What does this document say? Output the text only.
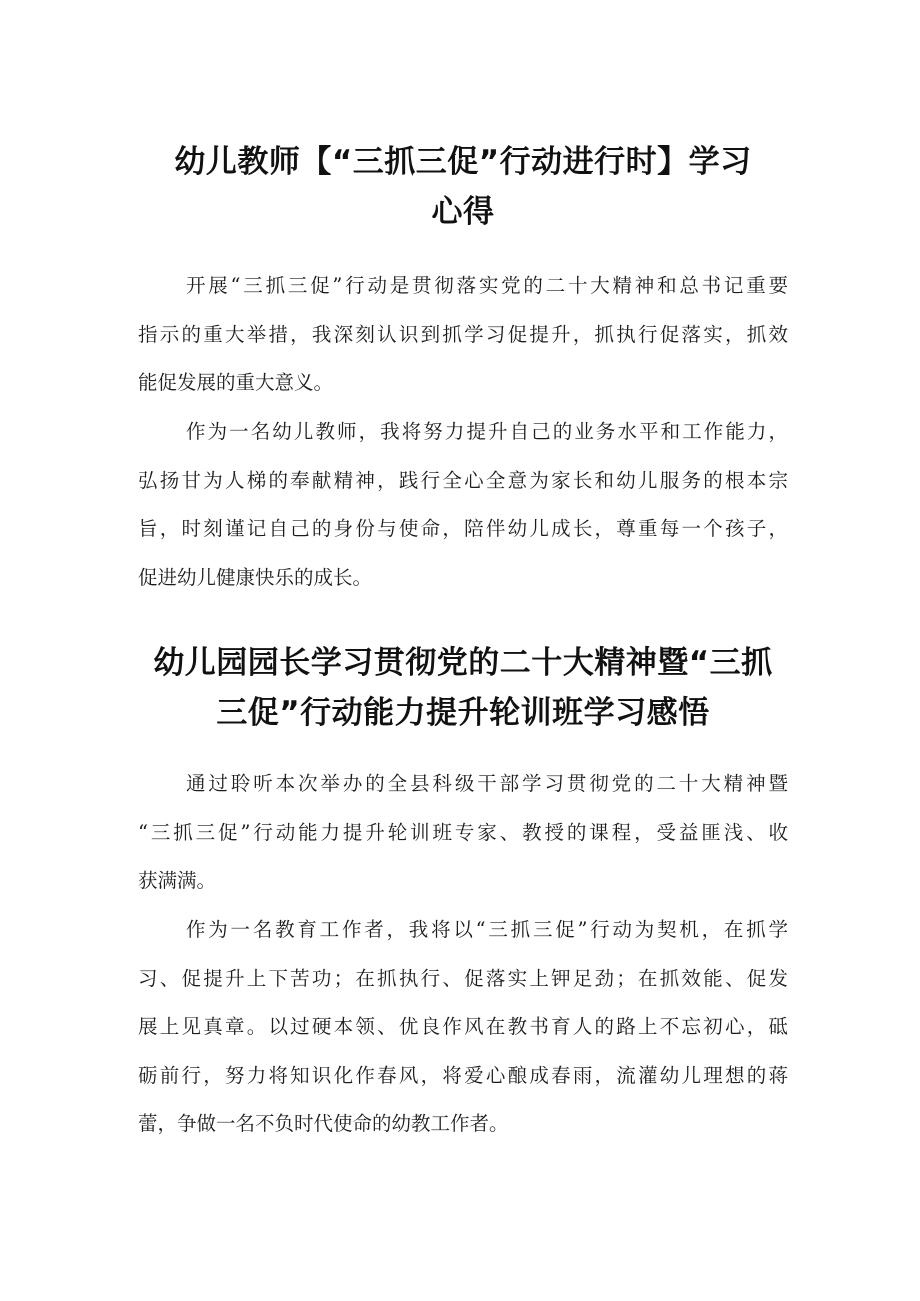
幼儿教师【“三抓三促”行动进行时】学习
心得
开展“三抓三促”行动是贯彻落实党的二十大精神和总书记重要
指示的重大举措，我深刻认识到抓学习促提升，抓执行促落实，抓效
能促发展的重大意义。
作为一名幼儿教师，我将努力提升自己的业务水平和工作能力，
弘扬甘为人梯的奉献精神，践行全心全意为家长和幼儿服务的根本宗
旨，时刻谨记自己的身份与使命，陪伴幼儿成长，尊重每一个孩子，
促进幼儿健康快乐的成长。
幼儿园园长学习贯彻党的二十大精神暨“三抓
三促”行动能力提升轮训班学习感悟
通过聆听本次举办的全县科级干部学习贯彻党的二十大精神暨
“三抓三促”行动能力提升轮训班专家、教授的课程，受益匪浅、收
获满满。
作为一名教育工作者，我将以“三抓三促”行动为契机，在抓学
习、促提升上下苦功；在抓执行、促落实上钾足劲；在抓效能、促发
展上见真章。以过硬本领、优良作风在教书育人的路上不忘初心，砥
砺前行，努力将知识化作春风，将爱心酿成春雨，流灌幼儿理想的蒋
蕾，争做一名不负时代使命的幼教工作者。
